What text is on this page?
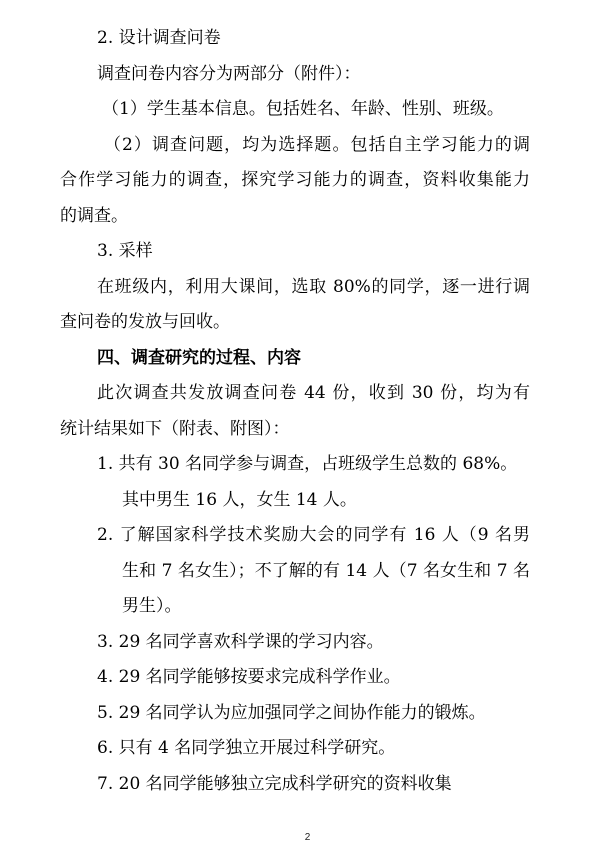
2. 设计调查问卷
调查问卷内容分为两部分（附件）：
（1）学生基本信息。包括姓名、年龄、性别、班级。
（2）调查问题，均为选择题。包括自主学习能力的调
合作学习能力的调查，探究学习能力的调查，资料收集能力
的调查。
3. 采样
在班级内，利用大课间，选取 80%的同学，逐一进行调
查问卷的发放与回收。
四、调查研究的过程、内容
此次调查共发放调查问卷 44 份，收到 30 份，均为有
统计结果如下（附表、附图）：
1. 共有 30 名同学参与调查，占班级学生总数的 68%。
其中男生 16 人，女生 14 人。
2. 了解国家科学技术奖励大会的同学有 16 人（9 名男
生和 7 名女生）；不了解的有 14 人（7 名女生和 7 名
男生）。
3. 29 名同学喜欢科学课的学习内容。
4. 29 名同学能够按要求完成科学作业。
5. 29 名同学认为应加强同学之间协作能力的锻炼。
6. 只有 4 名同学独立开展过科学研究。
7. 20 名同学能够独立完成科学研究的资料收集
2
